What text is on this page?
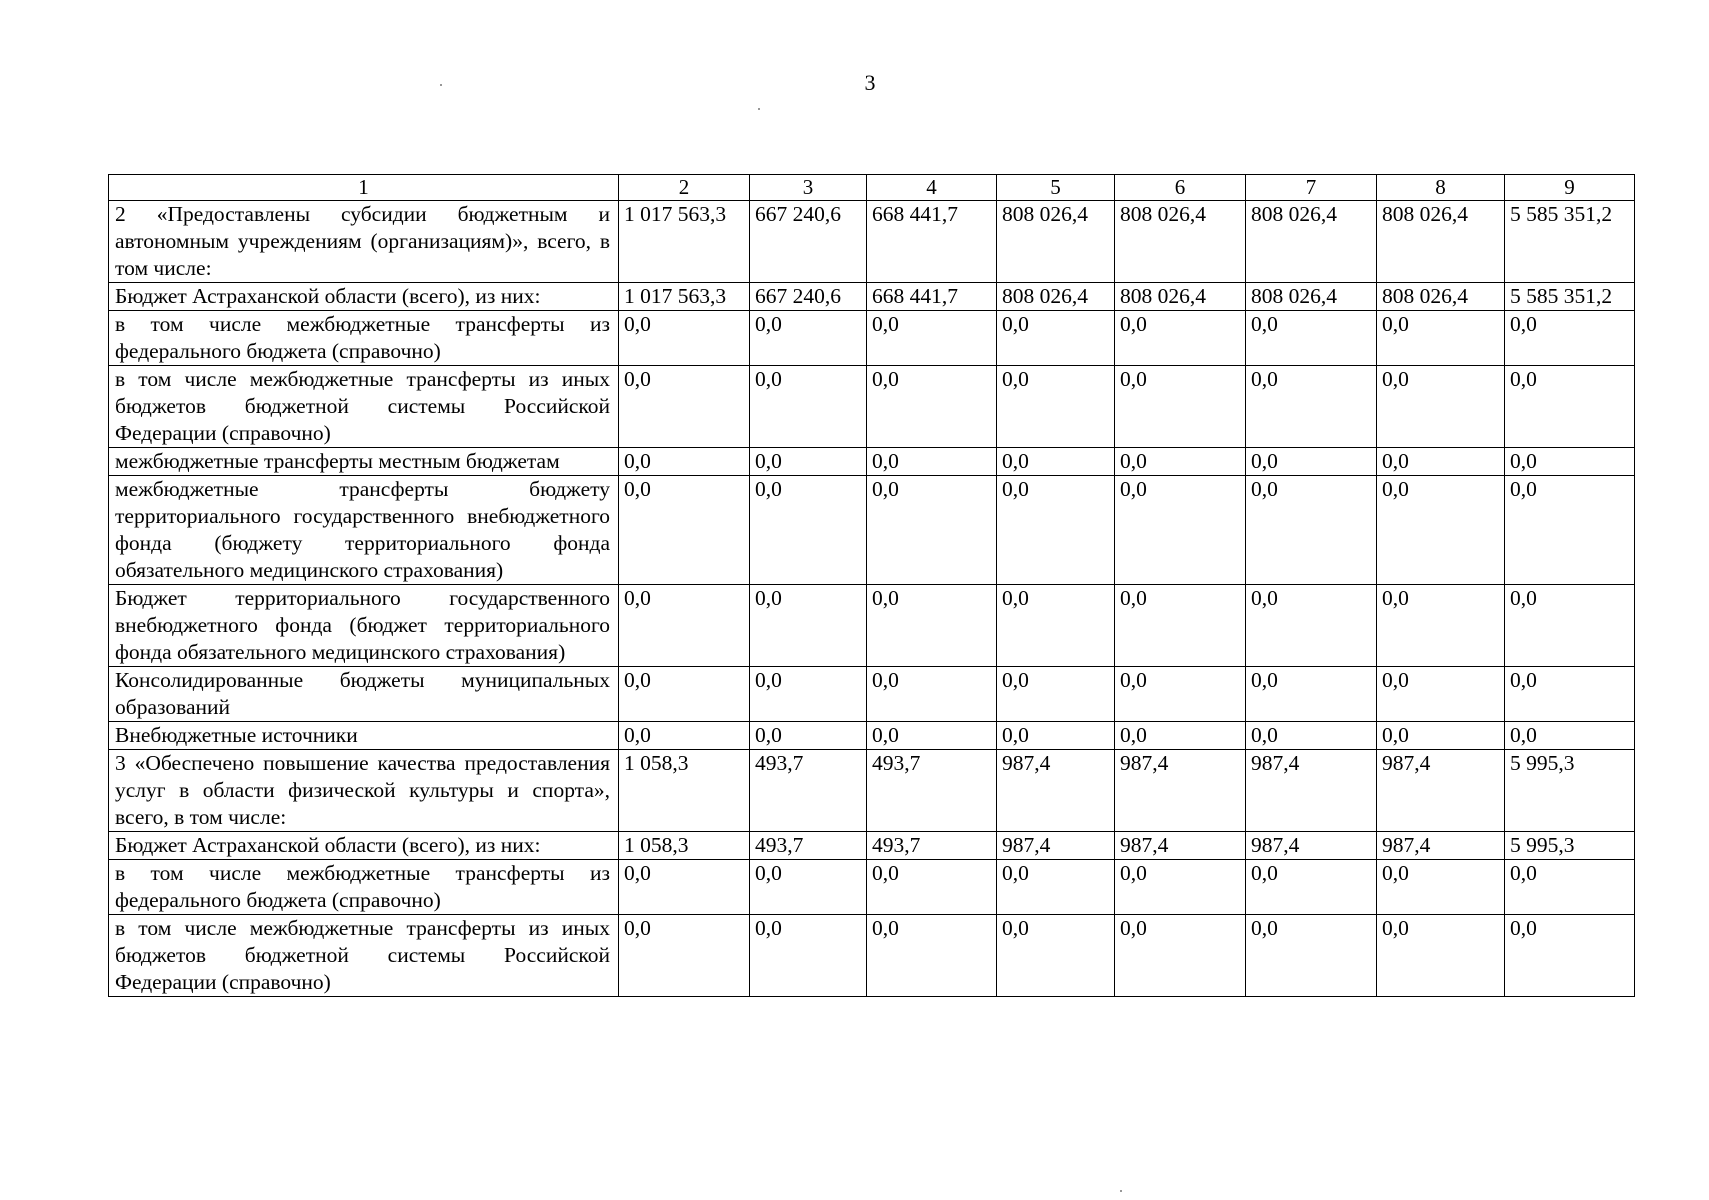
3
1	2	3	4	5	6	7	8	9
2 «Предоставлены субсидии бюджетным и автономным учреждениям (организациям)», всего, в том числе:	1 017 563,3	667 240,6	668 441,7	808 026,4	808 026,4	808 026,4	808 026,4	5 585 351,2
Бюджет Астраханской области (всего), из них:	1 017 563,3	667 240,6	668 441,7	808 026,4	808 026,4	808 026,4	808 026,4	5 585 351,2
в том числе межбюджетные трансферты из федерального бюджета (справочно)	0,0	0,0	0,0	0,0	0,0	0,0	0,0	0,0
в том числе межбюджетные трансферты из иных бюджетов бюджетной системы Российской Федерации (справочно)	0,0	0,0	0,0	0,0	0,0	0,0	0,0	0,0
межбюджетные трансферты местным бюджетам	0,0	0,0	0,0	0,0	0,0	0,0	0,0	0,0
межбюджетные трансферты бюджету территориального государственного внебюджетного фонда (бюджету территориального фонда обязательного медицинского страхования)	0,0	0,0	0,0	0,0	0,0	0,0	0,0	0,0
Бюджет территориального государственного внебюджетного фонда (бюджет территориального фонда обязательного медицинского страхования)	0,0	0,0	0,0	0,0	0,0	0,0	0,0	0,0
Консолидированные бюджеты муниципальных образований	0,0	0,0	0,0	0,0	0,0	0,0	0,0	0,0
Внебюджетные источники	0,0	0,0	0,0	0,0	0,0	0,0	0,0	0,0
3 «Обеспечено повышение качества предоставления услуг в области физической культуры и спорта», всего, в том числе:	1 058,3	493,7	493,7	987,4	987,4	987,4	987,4	5 995,3
Бюджет Астраханской области (всего), из них:	1 058,3	493,7	493,7	987,4	987,4	987,4	987,4	5 995,3
в том числе межбюджетные трансферты из федерального бюджета (справочно)	0,0	0,0	0,0	0,0	0,0	0,0	0,0	0,0
в том числе межбюджетные трансферты из иных бюджетов бюджетной системы Российской Федерации (справочно)	0,0	0,0	0,0	0,0	0,0	0,0	0,0	0,0
